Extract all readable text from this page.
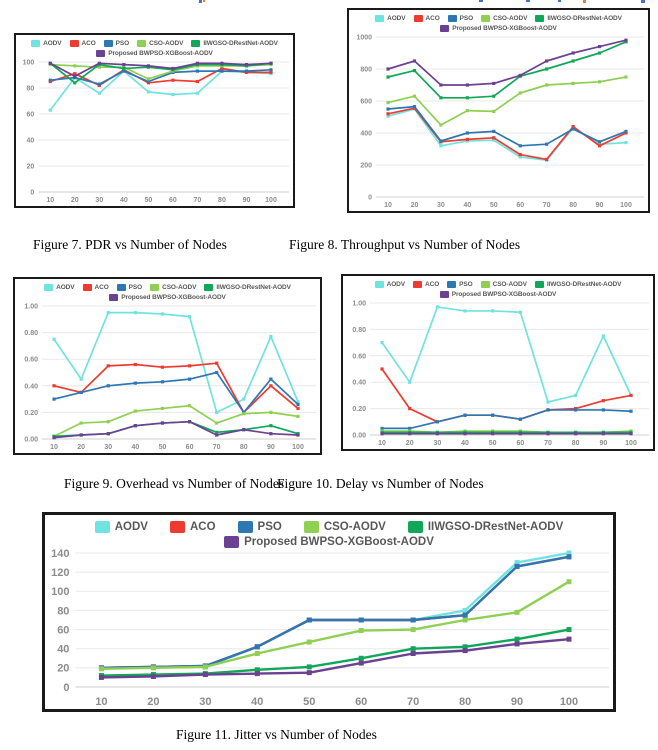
AODV	ACO	PSO	CSO-AODV	IIWGSO-DRestNet-AODV
Proposed BWPSO-XGBoost-AODV
0
20
40
60
80
100
10 20 30 40 50 60 70 80 90 100
AODV	ACO	PSO	CSO-AODV	IIWGSO-DRestNet-AODV
Proposed BWPSO-XGBoost-AODV
0
200
400
600
800
1000
10	20	30	40	50	60	70	80	90 100
AODV	ACO	PSO	CSO-AODV	IIWGSO-DRestNet-AODV
Proposed BWPSO-XGBoost-AODV
0.00
0.20
0.40
0.60
0.80
1.00
10	20	30	40	50	60	70	80	90 100
AODV	ACO	PSO	CSO-AODV	IIWGSO-DRestNet-AODV
Proposed BWPSO-XGBoost-AODV
0.00
0.20
0.40
0.60
0.80
1.00
10	20	30	40	50	60	70	80	90	100
AODV	ACO	PSO	CSO-AODV	IIWGSO-DRestNet-AODV
Proposed BWPSO-XGBoost-AODV
0
20
40
60
80
100
120
140
10	20	30	40	50	60	70	80	90	100
Figure 7. PDR vs Number of Nodes	Figure 8. Throughput vs Number of Nodes
Figure 9. Overhead vs Number of Nodes
Figure 10. Delay vs Number of Nodes
Figure 11. Jitter vs Number of Nodes
